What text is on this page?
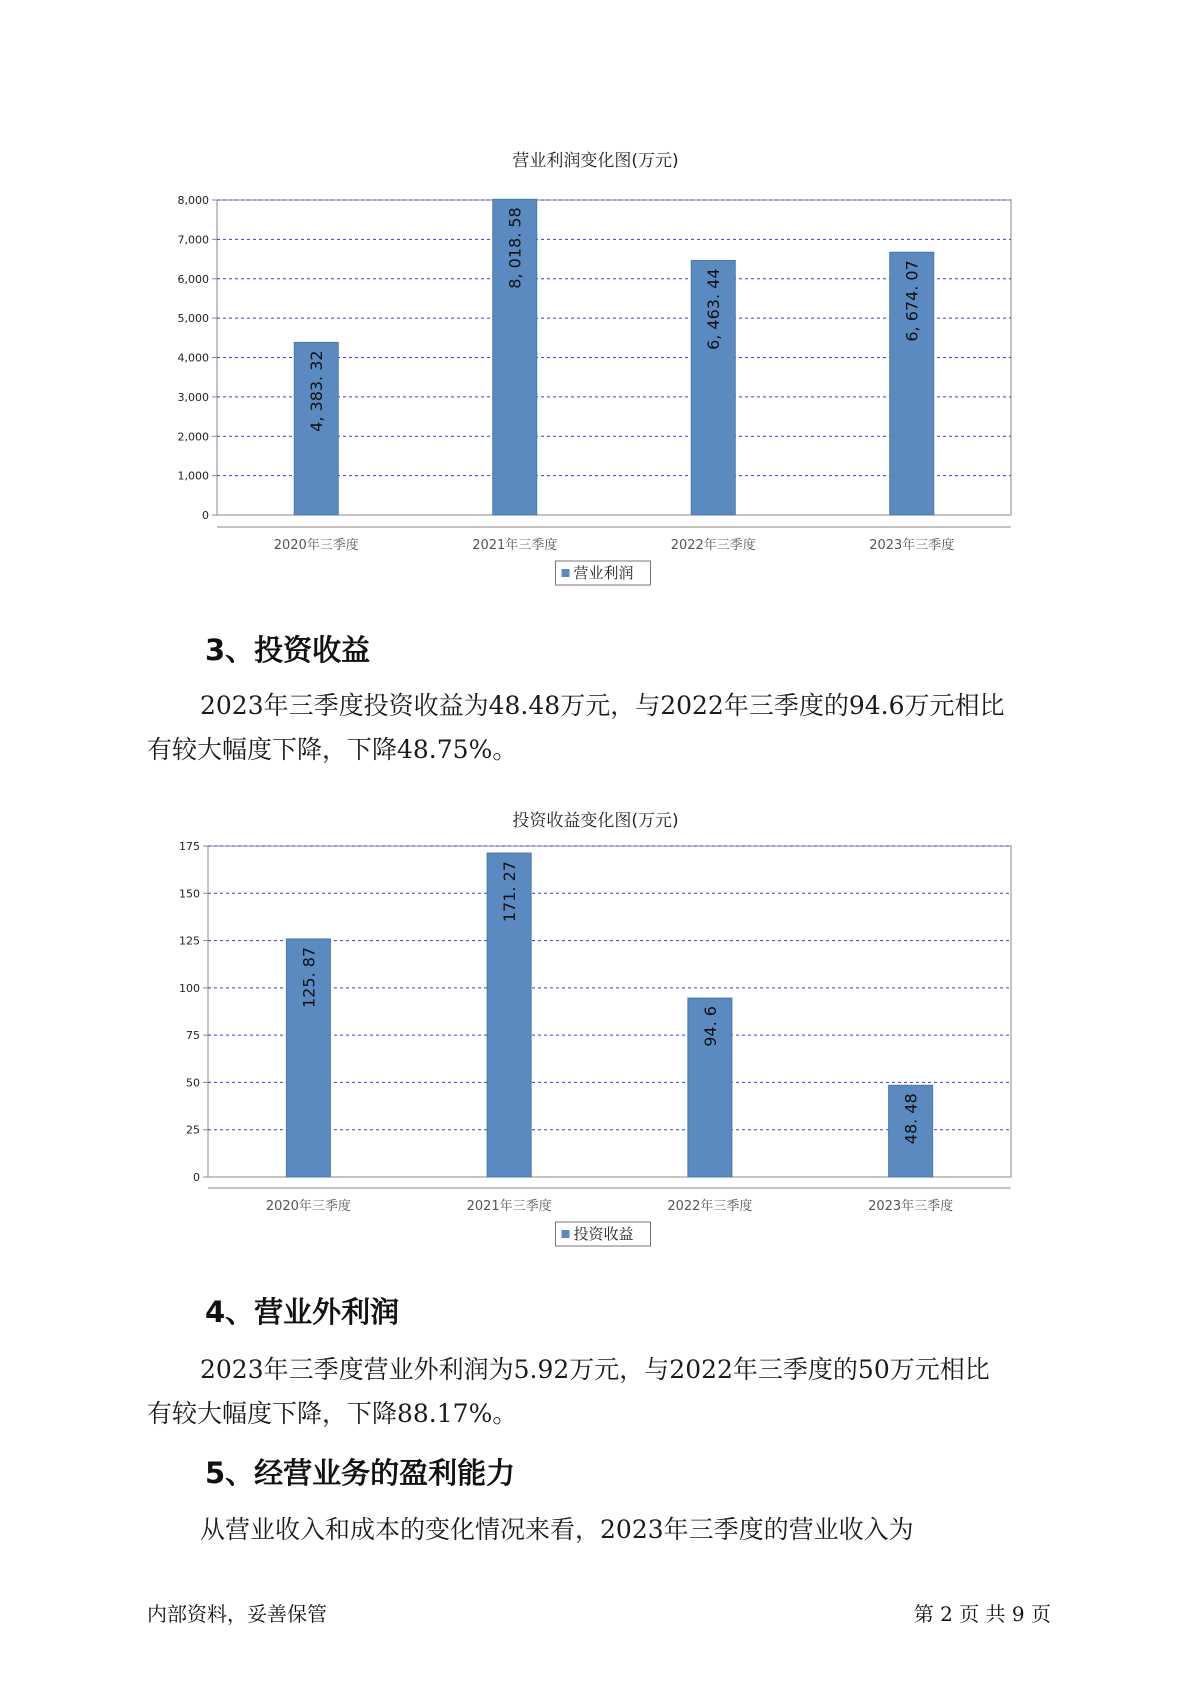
营业利润变化图(万元)
0
1,000
2,000
3,000
4,000
5,000
6,000
7,000
8,000
4, 383. 32
2020年三季度
8, 018. 58
2021年三季度
6, 463. 44
2022年三季度
6, 674. 07
2023年三季度
营业利润
3、投资收益
2023年三季度投资收益为48.48万元，与2022年三季度的94.6万元相比
有较大幅度下降，下降48.75%。
投资收益变化图(万元)
0
25
50
75
100
125
150
175
125. 87
2020年三季度
171. 27
2021年三季度
94. 6
2022年三季度
48. 48
2023年三季度
投资收益
4、营业外利润
2023年三季度营业外利润为5.92万元，与2022年三季度的50万元相比
有较大幅度下降，下降88.17%。
5、经营业务的盈利能力
从营业收入和成本的变化情况来看，2023年三季度的营业收入为
内部资料，妥善保管	第 2 页 共 9 页
